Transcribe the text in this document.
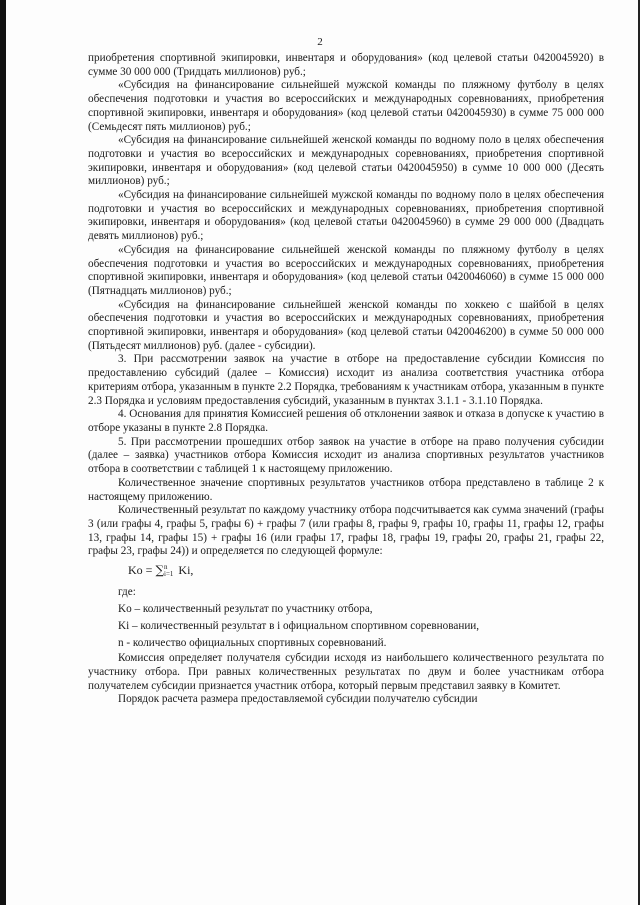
2

приобретения спортивной экипировки, инвентаря и оборудования» (код целевой статьи 0420045920) в сумме 30 000 000 (Тридцать миллионов) руб.;

«Субсидия на финансирование сильнейшей мужской команды по пляжному футболу в целях обеспечения подготовки и участия во всероссийских и международных соревнованиях, приобретения спортивной экипировки, инвентаря и оборудования» (код целевой статьи 0420045930) в сумме 75 000 000 (Семьдесят пять миллионов) руб.;

«Субсидия на финансирование сильнейшей женской команды по водному поло в целях обеспечения подготовки и участия во всероссийских и международных соревнованиях, приобретения спортивной экипировки, инвентаря и оборудования» (код целевой статьи 0420045950) в сумме 10 000 000 (Десять миллионов) руб.;

«Субсидия на финансирование сильнейшей мужской команды по водному поло в целях обеспечения подготовки и участия во всероссийских и международных соревнованиях, приобретения спортивной экипировки, инвентаря и оборудования» (код целевой статьи 0420045960) в сумме 29 000 000 (Двадцать девять миллионов) руб.;

«Субсидия на финансирование сильнейшей женской команды по пляжному футболу в целях обеспечения подготовки и участия во всероссийских и международных соревнованиях, приобретения спортивной экипировки, инвентаря и оборудования» (код целевой статьи 0420046060) в сумме 15 000 000 (Пятнадцать миллионов) руб.;

«Субсидия на финансирование сильнейшей женской команды по хоккею с шайбой в целях обеспечения подготовки и участия во всероссийских и международных соревнованиях, приобретения спортивной экипировки, инвентаря и оборудования» (код целевой статьи 0420046200) в сумме 50 000 000 (Пятьдесят миллионов) руб. (далее - субсидии).

3. При рассмотрении заявок на участие в отборе на предоставление субсидии Комиссия по предоставлению субсидий (далее – Комиссия) исходит из анализа соответствия участника отбора критериям отбора, указанным в пункте 2.2 Порядка, требованиям к участникам отбора, указанным в пункте 2.3 Порядка и условиям предоставления субсидий, указанным в пунктах 3.1.1 - 3.1.10 Порядка.

4. Основания для принятия Комиссией решения об отклонении заявок и отказа в допуске к участию в отборе указаны в пункте 2.8 Порядка.

5. При рассмотрении прошедших отбор заявок на участие в отборе на право получения субсидии (далее – заявка) участников отбора Комиссия исходит из анализа спортивных результатов участников отбора в соответствии с таблицей 1 к настоящему приложению.

Количественное значение спортивных результатов участников отбора представлено в таблице 2 к настоящему приложению.

Количественный результат по каждому участнику отбора подсчитывается как сумма значений (графы 3 (или графы 4, графы 5, графы 6) + графы 7 (или графы 8, графы 9, графы 10, графы 11, графы 12, графы 13, графы 14, графы 15) + графы 16 (или графы 17, графы 18, графы 19, графы 20, графы 21, графы 22, графы 23, графы 24)) и определяется по следующей формуле:

Ko = ∑n
i=1 Ki,

где:

Ko – количественный результат по участнику отбора,

Ki – количественный результат в i официальном спортивном соревновании,

n - количество официальных спортивных соревнований.

Комиссия определяет получателя субсидии исходя из наибольшего количественного результата по участнику отбора. При равных количественных результатах по двум и более участникам отбора получателем субсидии признается участник отбора, который первым представил заявку в Комитет.

Порядок расчета размера предоставляемой субсидии получателю субсидии
